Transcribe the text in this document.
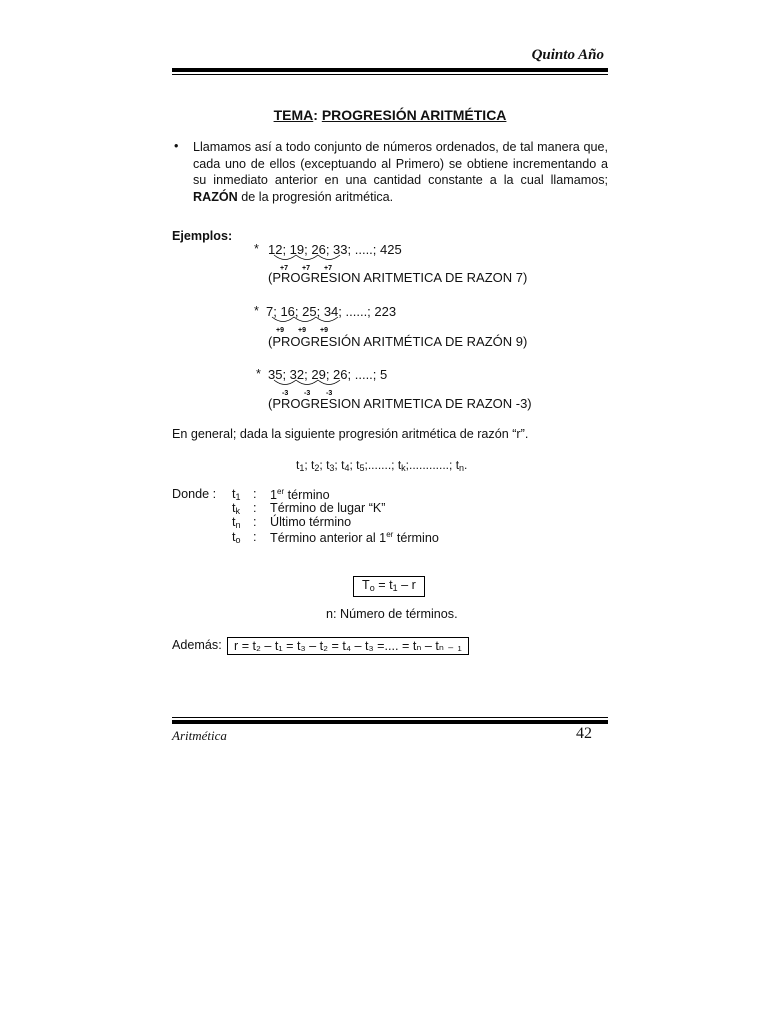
Quinto Año
TEMA: PROGRESIÓN ARITMÉTICA
• Llamamos así a todo conjunto de números ordenados, de tal manera que, cada uno de ellos (exceptuando al Primero) se obtiene incrementando a su inmediato anterior en una cantidad constante a la cual llamamos; RAZÓN de la progresión aritmética.
Ejemplos:
* 12; 19; 26; 33; .....; 425
+7 +7 +7
(PROGRESION ARITMETICA DE RAZON 7)
* 7; 16; 25; 34; ......; 223
+9 +9 +9
(PROGRESIÓN ARITMÉTICA DE RAZÓN 9)
* 35; 32; 29; 26; .....; 5
-3 -3 -3
(PROGRESION ARITMETICA DE RAZON -3)
En general; dada la siguiente progresión aritmética de razón “r”.
$t_1$; $t_2$; $t_3$; $t_4$; $t_5$;.......; $t_k$;............; $t_n$.
Donde : $t_1$ : 1er término
$t_k$ : Término de lugar “K”
$t_n$ : Último término
$t_o$ : Término anterior al 1er término
$T_o = t_1 - r$
n: Número de términos.
Además: r = t₂ – t₁ = t₃ – t₂ = t₄ – t₃ =.... = tₙ – tₙ ₋ ₁
Aritmética	42
